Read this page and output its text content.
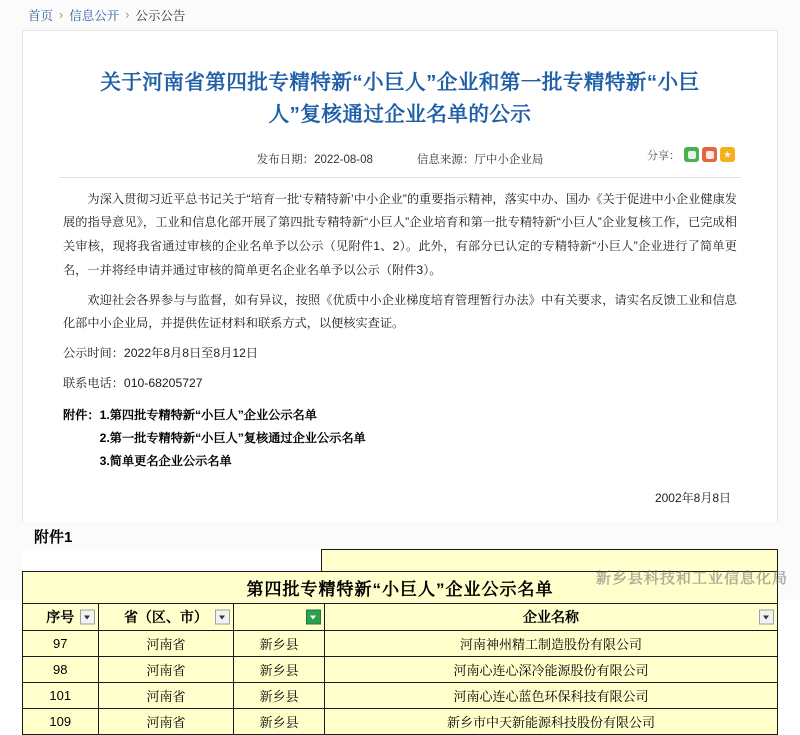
首页 › 信息公开 › 公示公告
关于河南省第四批专精特新“小巨人”企业和第一批专精特新“小巨人”复核通过企业名单的公示
发布日期：2022-08-08	信息来源：厅中小企业局	分享：

为深入贯彻习近平总书记关于“培育一批‘专精特新’中小企业”的重要指示精神，落实中办、国办《关于促进中小企业健康发展的指导意见》，工业和信息化部开展了第四批专精特新“小巨人”企业培育和第一批专精特新“小巨人”企业复核工作，已完成相关审核，现将我省通过审核的企业名单予以公示（见附件1、2）。此外，有部分已认定的专精特新“小巨人”企业进行了简单更名，一并将经申请并通过审核的简单更名企业名单予以公示（附件3）。

欢迎社会各界参与与监督，如有异议，按照《优质中小企业梯度培育管理暂行办法》中有关要求，请实名反馈工业和信息化部中小企业局，并提供佐证材料和联系方式，以便核实查证。

公示时间：2022年8月8日至8月12日

联系电话：010-68205727

附件：1.第四批专精特新“小巨人”企业公示名单
2.第一批专精特新“小巨人”复核通过企业公示名单
3.简单更名企业公示名单
2002年8月8日
附件1
第四批专精特新“小巨人”企业公示名单			
序号	省（区、市）		企业名称

97	河南省	新乡县	河南神州精工制造股份有限公司
98	河南省	新乡县	河南心连心深冷能源股份有限公司
101	河南省	新乡县	河南心连心蓝色环保科技有限公司
109	河南省	新乡县	新乡市中天新能源科技股份有限公司
新乡县科技和工业信息化局
